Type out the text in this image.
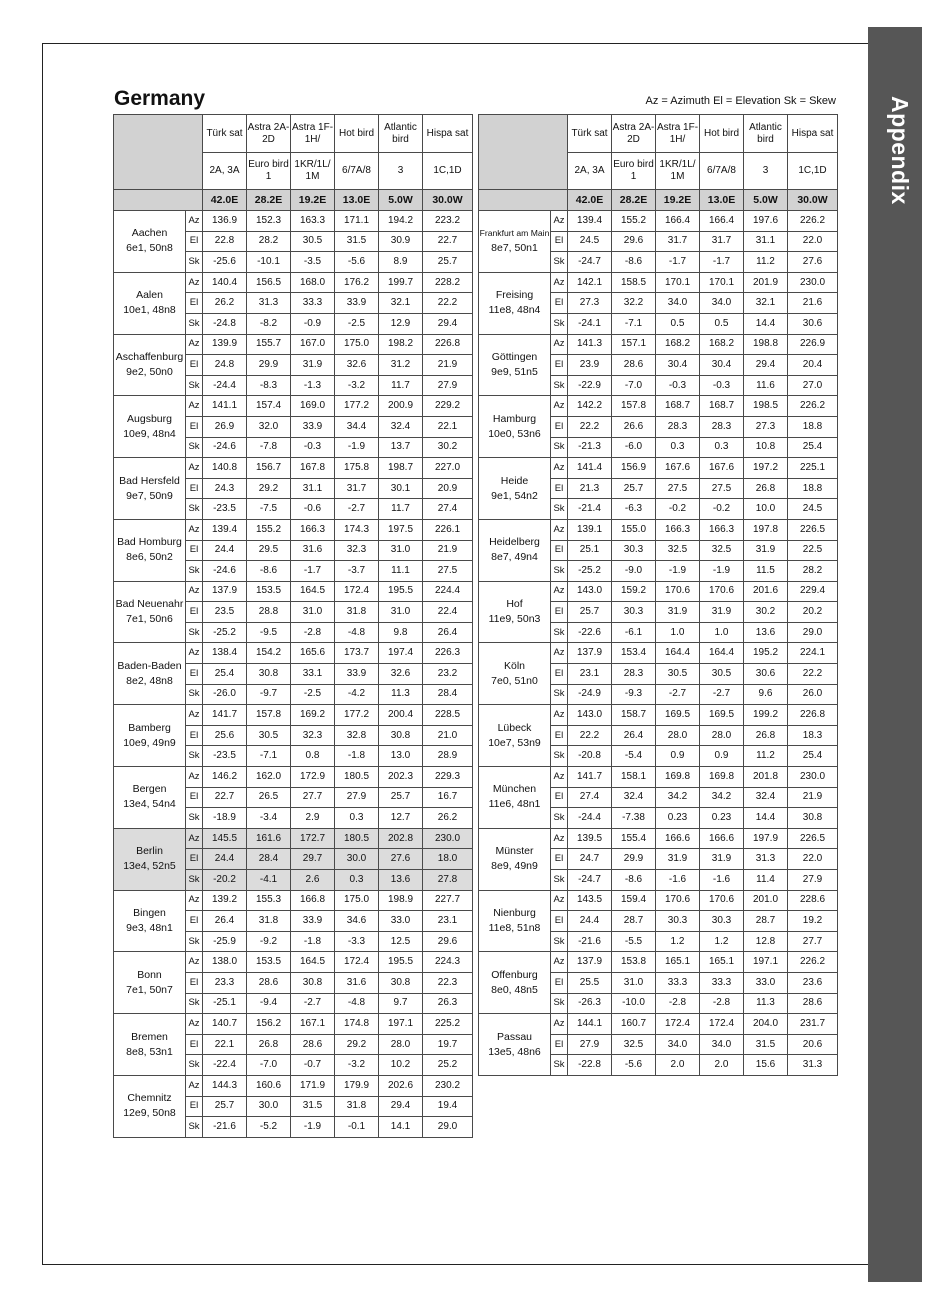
Appendix
Germany	Az = Azimuth El = Elevation Sk = Skew
		Türk sat	Astra 2A-2D	Astra 1F-1H/	Hot bird	Atlantic bird	Hispa sat
		2A, 3A	Euro bird 1	1KR/1L/ 1M	6/7A/8	3	1C,1D
		42.0E	28.2E	19.2E	13.0E	5.0W	30.0W

Aachen
6e1, 50n8	Az	136.9	152.3	163.3	171.1	194.2	223.2
	El	22.8	28.2	30.5	31.5	30.9	22.7
	Sk	-25.6	-10.1	-3.5	-5.6	8.9	25.7

Aalen
10e1, 48n8	Az	140.4	156.5	168.0	176.2	199.7	228.2
	El	26.2	31.3	33.3	33.9	32.1	22.2
	Sk	-24.8	-8.2	-0.9	-2.5	12.9	29.4

Aschaffenburg
9e2, 50n0	Az	139.9	155.7	167.0	175.0	198.2	226.8
	El	24.8	29.9	31.9	32.6	31.2	21.9
	Sk	-24.4	-8.3	-1.3	-3.2	11.7	27.9

Augsburg
10e9, 48n4	Az	141.1	157.4	169.0	177.2	200.9	229.2
	El	26.9	32.0	33.9	34.4	32.4	22.1
	Sk	-24.6	-7.8	-0.3	-1.9	13.7	30.2

Bad Hersfeld
9e7, 50n9	Az	140.8	156.7	167.8	175.8	198.7	227.0
	El	24.3	29.2	31.1	31.7	30.1	20.9
	Sk	-23.5	-7.5	-0.6	-2.7	11.7	27.4

Bad Homburg
8e6, 50n2	Az	139.4	155.2	166.3	174.3	197.5	226.1
	El	24.4	29.5	31.6	32.3	31.0	21.9
	Sk	-24.6	-8.6	-1.7	-3.7	11.1	27.5

Bad Neuenahr
7e1, 50n6	Az	137.9	153.5	164.5	172.4	195.5	224.4
	El	23.5	28.8	31.0	31.8	31.0	22.4
	Sk	-25.2	-9.5	-2.8	-4.8	9.8	26.4

Baden-Baden
8e2, 48n8	Az	138.4	154.2	165.6	173.7	197.4	226.3
	El	25.4	30.8	33.1	33.9	32.6	23.2
	Sk	-26.0	-9.7	-2.5	-4.2	11.3	28.4

Bamberg
10e9, 49n9	Az	141.7	157.8	169.2	177.2	200.4	228.5
	El	25.6	30.5	32.3	32.8	30.8	21.0
	Sk	-23.5	-7.1	0.8	-1.8	13.0	28.9

Bergen
13e4, 54n4	Az	146.2	162.0	172.9	180.5	202.3	229.3
	El	22.7	26.5	27.7	27.9	25.7	16.7
	Sk	-18.9	-3.4	2.9	0.3	12.7	26.2

Berlin
13e4, 52n5	Az	145.5	161.6	172.7	180.5	202.8	230.0
	El	24.4	28.4	29.7	30.0	27.6	18.0
	Sk	-20.2	-4.1	2.6	0.3	13.6	27.8

Bingen
9e3, 48n1	Az	139.2	155.3	166.8	175.0	198.9	227.7
	El	26.4	31.8	33.9	34.6	33.0	23.1
	Sk	-25.9	-9.2	-1.8	-3.3	12.5	29.6

Bonn
7e1, 50n7	Az	138.0	153.5	164.5	172.4	195.5	224.3
	El	23.3	28.6	30.8	31.6	30.8	22.3
	Sk	-25.1	-9.4	-2.7	-4.8	9.7	26.3

Bremen
8e8, 53n1	Az	140.7	156.2	167.1	174.8	197.1	225.2
	El	22.1	26.8	28.6	29.2	28.0	19.7
	Sk	-22.4	-7.0	-0.7	-3.2	10.2	25.2

Chemnitz
12e9, 50n8	Az	144.3	160.6	171.9	179.9	202.6	230.2
	El	25.7	30.0	31.5	31.8	29.4	19.4
	Sk	-21.6	-5.2	-1.9	-0.1	14.1	29.0
		Türk sat	Astra 2A-2D	Astra 1F-1H/	Hot bird	Atlantic bird	Hispa sat
		2A, 3A	Euro bird 1	1KR/1L/ 1M	6/7A/8	3	1C,1D
		42.0E	28.2E	19.2E	13.0E	5.0W	30.0W

Frankfurt am Main
8e7, 50n1	Az	139.4	155.2	166.4	166.4	197.6	226.2
	El	24.5	29.6	31.7	31.7	31.1	22.0
	Sk	-24.7	-8.6	-1.7	-1.7	11.2	27.6

Freising
11e8, 48n4	Az	142.1	158.5	170.1	170.1	201.9	230.0
	El	27.3	32.2	34.0	34.0	32.1	21.6
	Sk	-24.1	-7.1	0.5	0.5	14.4	30.6

Göttingen
9e9, 51n5	Az	141.3	157.1	168.2	168.2	198.8	226.9
	El	23.9	28.6	30.4	30.4	29.4	20.4
	Sk	-22.9	-7.0	-0.3	-0.3	11.6	27.0

Hamburg
10e0, 53n6	Az	142.2	157.8	168.7	168.7	198.5	226.2
	El	22.2	26.6	28.3	28.3	27.3	18.8
	Sk	-21.3	-6.0	0.3	0.3	10.8	25.4

Heide
9e1, 54n2	Az	141.4	156.9	167.6	167.6	197.2	225.1
	El	21.3	25.7	27.5	27.5	26.8	18.8
	Sk	-21.4	-6.3	-0.2	-0.2	10.0	24.5

Heidelberg
8e7, 49n4	Az	139.1	155.0	166.3	166.3	197.8	226.5
	El	25.1	30.3	32.5	32.5	31.9	22.5
	Sk	-25.2	-9.0	-1.9	-1.9	11.5	28.2

Hof
11e9, 50n3	Az	143.0	159.2	170.6	170.6	201.6	229.4
	El	25.7	30.3	31.9	31.9	30.2	20.2
	Sk	-22.6	-6.1	1.0	1.0	13.6	29.0

Köln
7e0, 51n0	Az	137.9	153.4	164.4	164.4	195.2	224.1
	El	23.1	28.3	30.5	30.5	30.6	22.2
	Sk	-24.9	-9.3	-2.7	-2.7	9.6	26.0

Lübeck
10e7, 53n9	Az	143.0	158.7	169.5	169.5	199.2	226.8
	El	22.2	26.4	28.0	28.0	26.8	18.3
	Sk	-20.8	-5.4	0.9	0.9	11.2	25.4

München
11e6, 48n1	Az	141.7	158.1	169.8	169.8	201.8	230.0
	El	27.4	32.4	34.2	34.2	32.4	21.9
	Sk	-24.4	-7.38	0.23	0.23	14.4	30.8

Münster
8e9, 49n9	Az	139.5	155.4	166.6	166.6	197.9	226.5
	El	24.7	29.9	31.9	31.9	31.3	22.0
	Sk	-24.7	-8.6	-1.6	-1.6	11.4	27.9

Nienburg
11e8, 51n8	Az	143.5	159.4	170.6	170.6	201.0	228.6
	El	24.4	28.7	30.3	30.3	28.7	19.2
	Sk	-21.6	-5.5	1.2	1.2	12.8	27.7

Offenburg
8e0, 48n5	Az	137.9	153.8	165.1	165.1	197.1	226.2
	El	25.5	31.0	33.3	33.3	33.0	23.6
	Sk	-26.3	-10.0	-2.8	-2.8	11.3	28.6

Passau
13e5, 48n6	Az	144.1	160.7	172.4	172.4	204.0	231.7
	El	27.9	32.5	34.0	34.0	31.5	20.6
	Sk	-22.8	-5.6	2.0	2.0	15.6	31.3
